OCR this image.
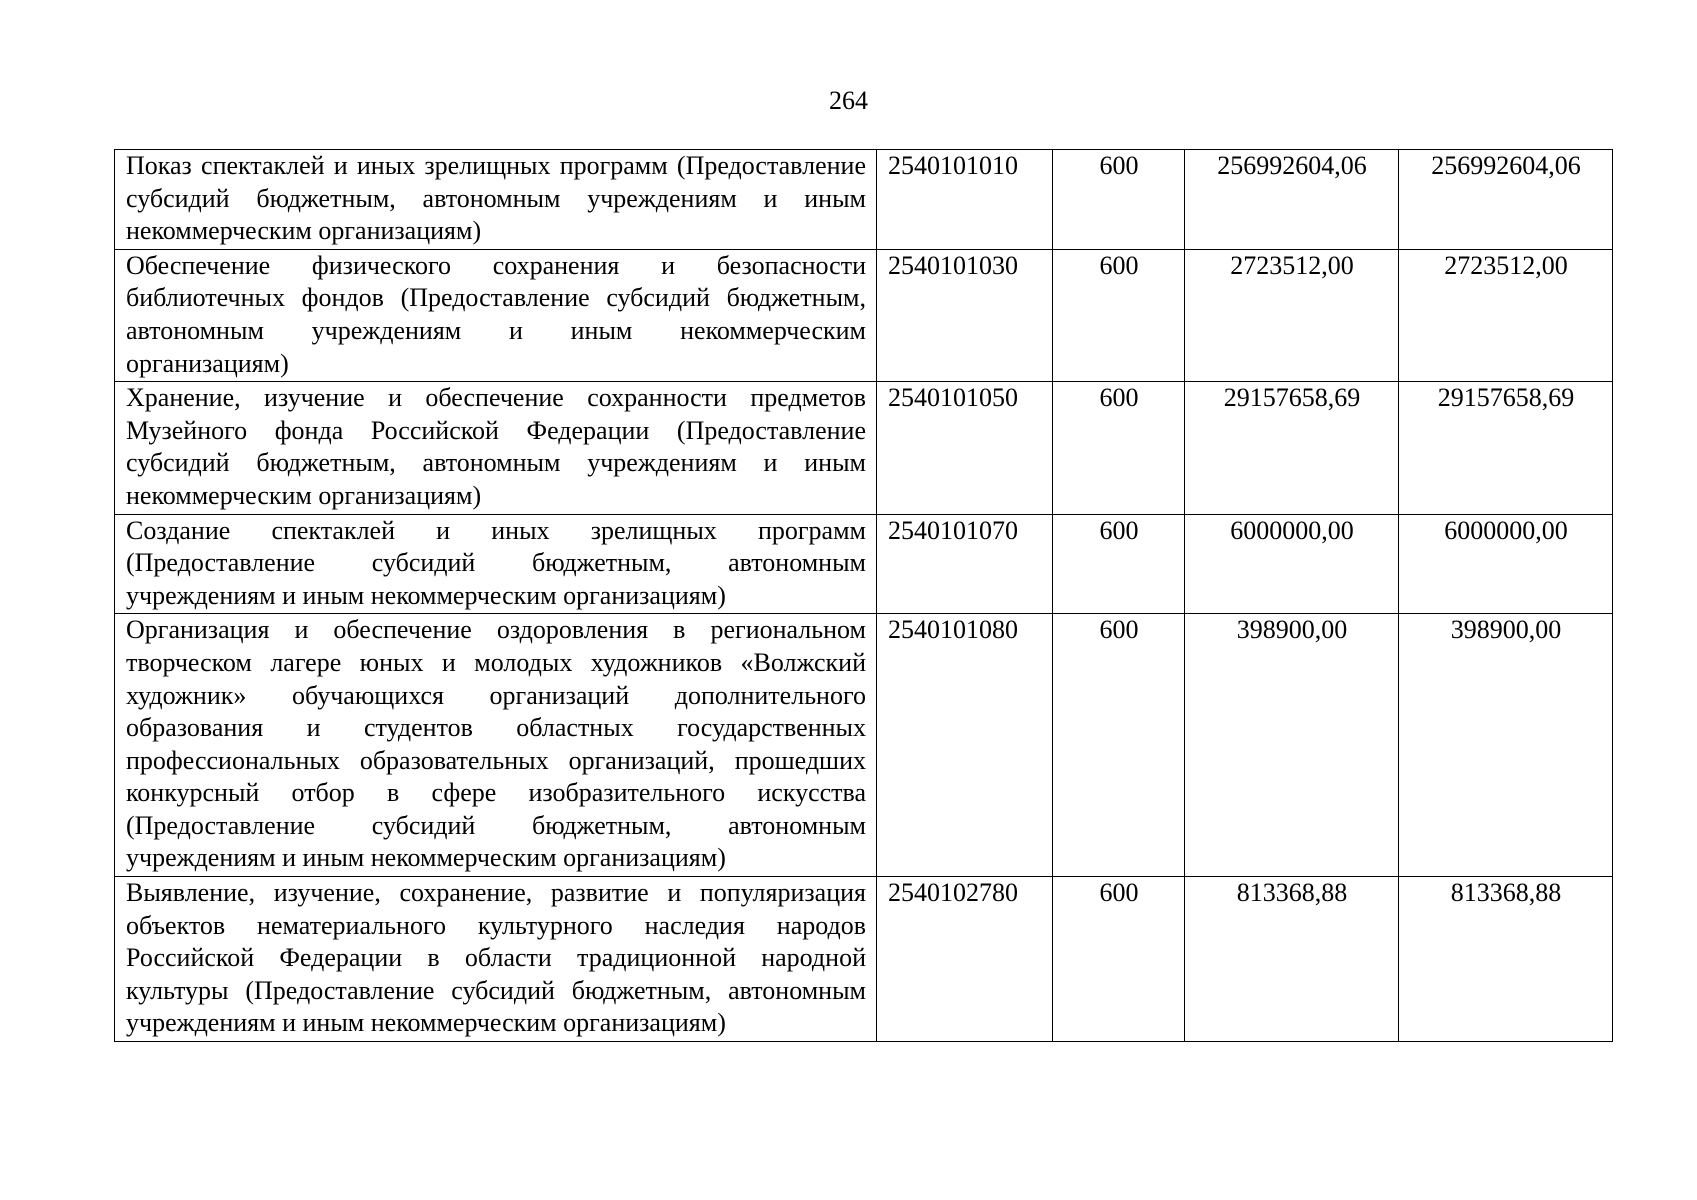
264
Показ спектаклей и иных зрелищных программ (Предоставление субсидий бюджетным, автономным учреждениям и иным некоммерческим организациям)	2540101010	600	256992604,06	256992604,06
Обеспечение физического сохранения и безопасности библиотечных фондов (Предоставление субсидий бюджетным, автономным учреждениям и иным некоммерческим организациям)	2540101030	600	2723512,00	2723512,00
Хранение, изучение и обеспечение сохранности предметов Музейного фонда Российской Федерации (Предоставление субсидий бюджетным, автономным учреждениям и иным некоммерческим организациям)	2540101050	600	29157658,69	29157658,69
Создание спектаклей и иных зрелищных программ (Предоставление субсидий бюджетным, автономным учреждениям и иным некоммерческим организациям)	2540101070	600	6000000,00	6000000,00
Организация и обеспечение оздоровления в региональном творческом лагере юных и молодых художников «Волжский художник» обучающихся организаций дополнительного образования и студентов областных государственных профессиональных образовательных организаций, прошедших конкурсный отбор в сфере изобразительного искусства (Предоставление субсидий бюджетным, автономным учреждениям и иным некоммерческим организациям)	2540101080	600	398900,00	398900,00
Выявление, изучение, сохранение, развитие и популяризация объектов нематериального культурного наследия народов Российской Федерации в области традиционной народной культуры (Предоставление субсидий бюджетным, автономным учреждениям и иным некоммерческим организациям)	2540102780	600	813368,88	813368,88
